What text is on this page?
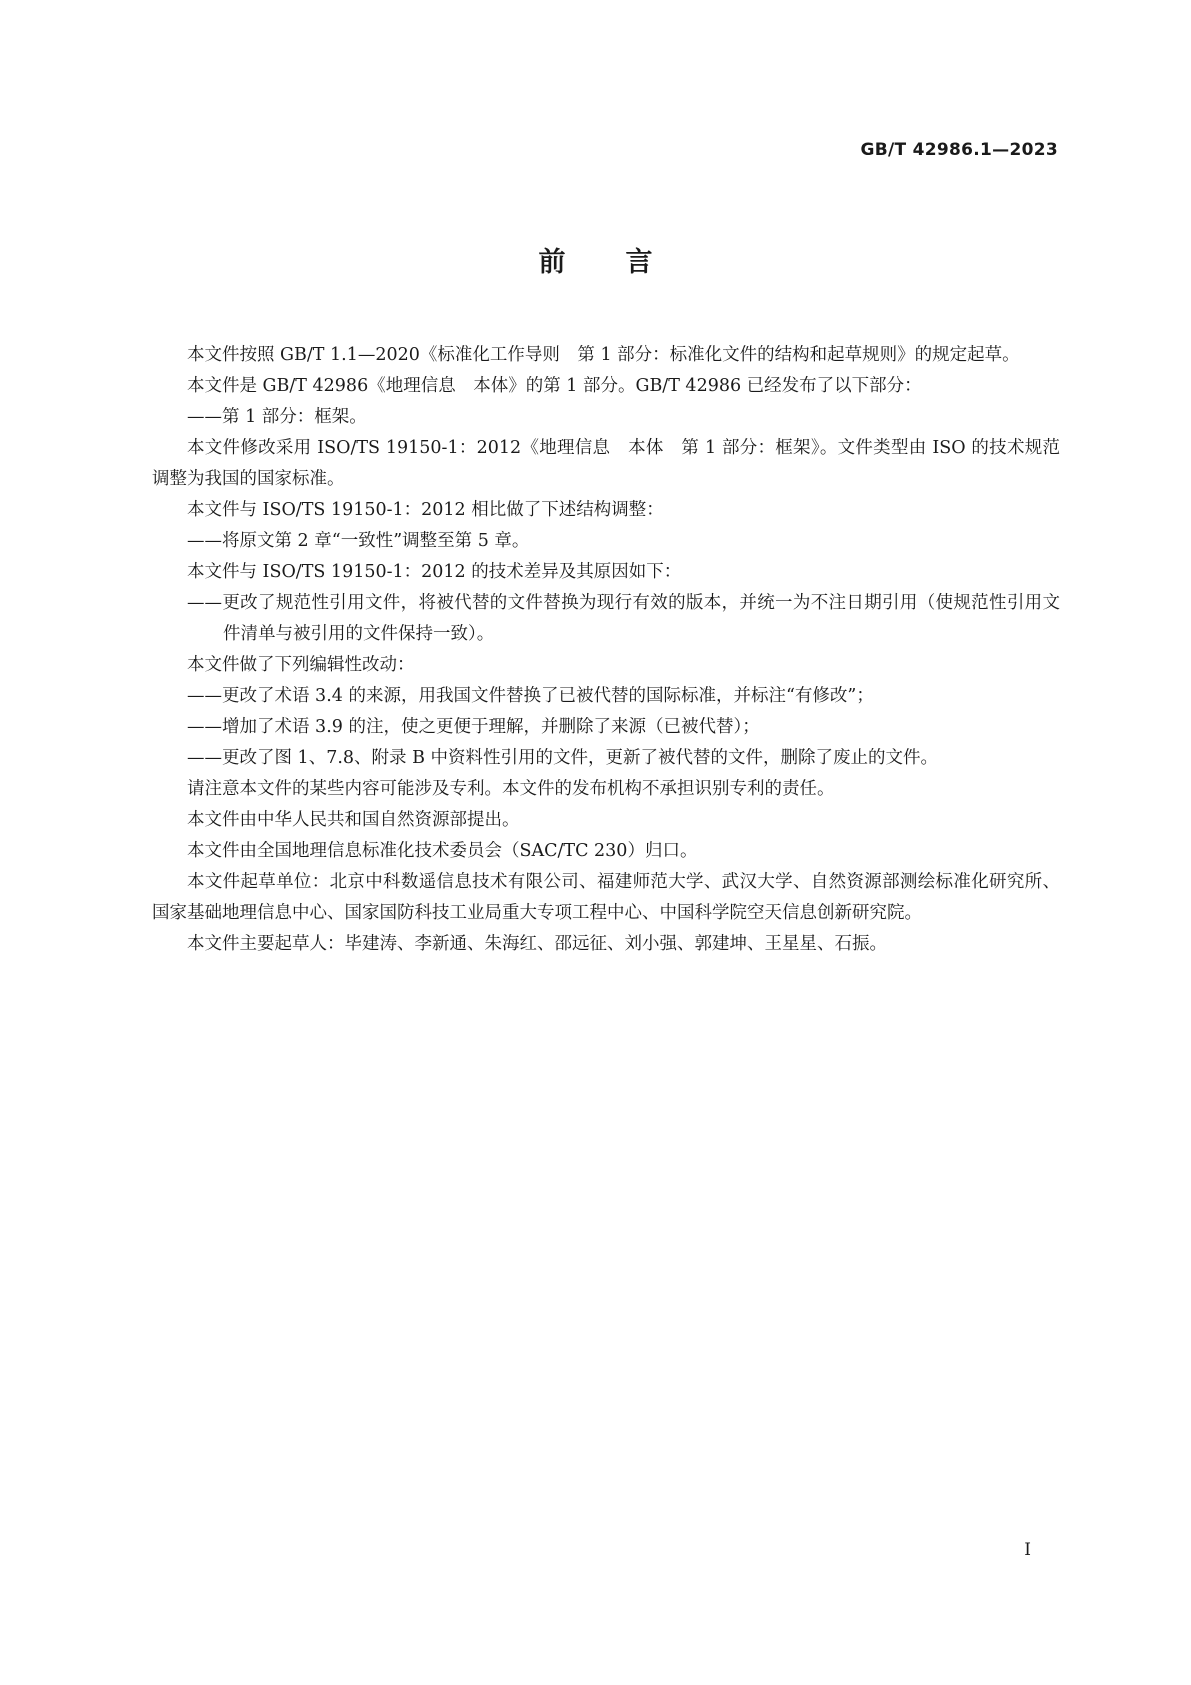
GB/T 42986.1—2023
前言

本文件按照 GB/T 1.1—2020《标准化工作导则　第 1 部分：标准化文件的结构和起草规则》的规定起草。

本文件是 GB/T 42986《地理信息　本体》的第 1 部分。GB/T 42986 已经发布了以下部分：

——第 1 部分：框架。

本文件修改采用 ISO/TS 19150-1：2012《地理信息　本体　第 1 部分：框架》。文件类型由 ISO 的技术规范调整为我国的国家标准。

本文件与 ISO/TS 19150-1：2012 相比做了下述结构调整：

——将原文第 2 章“一致性”调整至第 5 章。

本文件与 ISO/TS 19150-1：2012 的技术差异及其原因如下：

——更改了规范性引用文件，将被代替的文件替换为现行有效的版本，并统一为不注日期引用（使规范性引用文件清单与被引用的文件保持一致）。

本文件做了下列编辑性改动：

——更改了术语 3.4 的来源，用我国文件替换了已被代替的国际标准，并标注“有修改”；

——增加了术语 3.9 的注，使之更便于理解，并删除了来源（已被代替）；

——更改了图 1、7.8、附录 B 中资料性引用的文件，更新了被代替的文件，删除了废止的文件。

请注意本文件的某些内容可能涉及专利。本文件的发布机构不承担识别专利的责任。

本文件由中华人民共和国自然资源部提出。

本文件由全国地理信息标准化技术委员会（SAC/TC 230）归口。

本文件起草单位：北京中科数遥信息技术有限公司、福建师范大学、武汉大学、自然资源部测绘标准化研究所、国家基础地理信息中心、国家国防科技工业局重大专项工程中心、中国科学院空天信息创新研究院。

本文件主要起草人：毕建涛、李新通、朱海红、邵远征、刘小强、郭建坤、王星星、石振。

Ⅰ
